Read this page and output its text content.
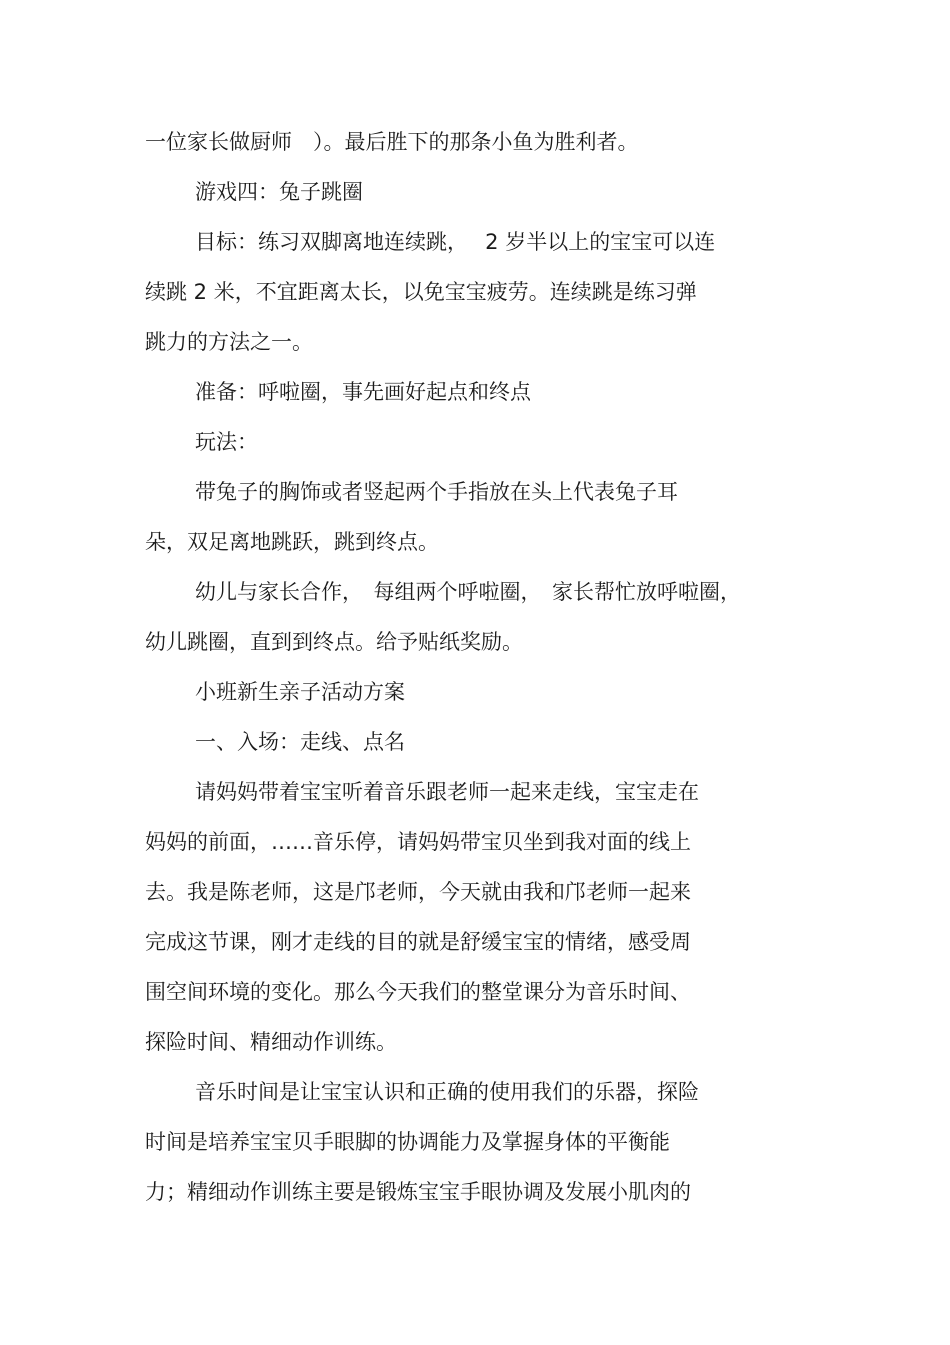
一位家长做厨师　）。最后胜下的那条小鱼为胜利者。
游戏四：兔子跳圈
目标：练习双脚离地连续跳，　 2 岁半以上的宝宝可以连
续跳 2 米，不宜距离太长，以免宝宝疲劳。连续跳是练习弹
跳力的方法之一。
准备：呼啦圈，事先画好起点和终点
玩法：
带兔子的胸饰或者竖起两个手指放在头上代表兔子耳
朵，双足离地跳跃，跳到终点。
幼儿与家长合作，　每组两个呼啦圈，　家长帮忙放呼啦圈，
幼儿跳圈，直到到终点。给予贴纸奖励。
小班新生亲子活动方案
一、入场：走线、点名
请妈妈带着宝宝听着音乐跟老师一起来走线，宝宝走在
妈妈的前面，……音乐停，请妈妈带宝贝坐到我对面的线上
去。我是陈老师，这是邝老师，今天就由我和邝老师一起来
完成这节课，刚才走线的目的就是舒缓宝宝的情绪，感受周
围空间环境的变化。那么今天我们的整堂课分为音乐时间、
探险时间、精细动作训练。
音乐时间是让宝宝认识和正确的使用我们的乐器，探险
时间是培养宝宝贝手眼脚的协调能力及掌握身体的平衡能
力；精细动作训练主要是锻炼宝宝手眼协调及发展小肌肉的
